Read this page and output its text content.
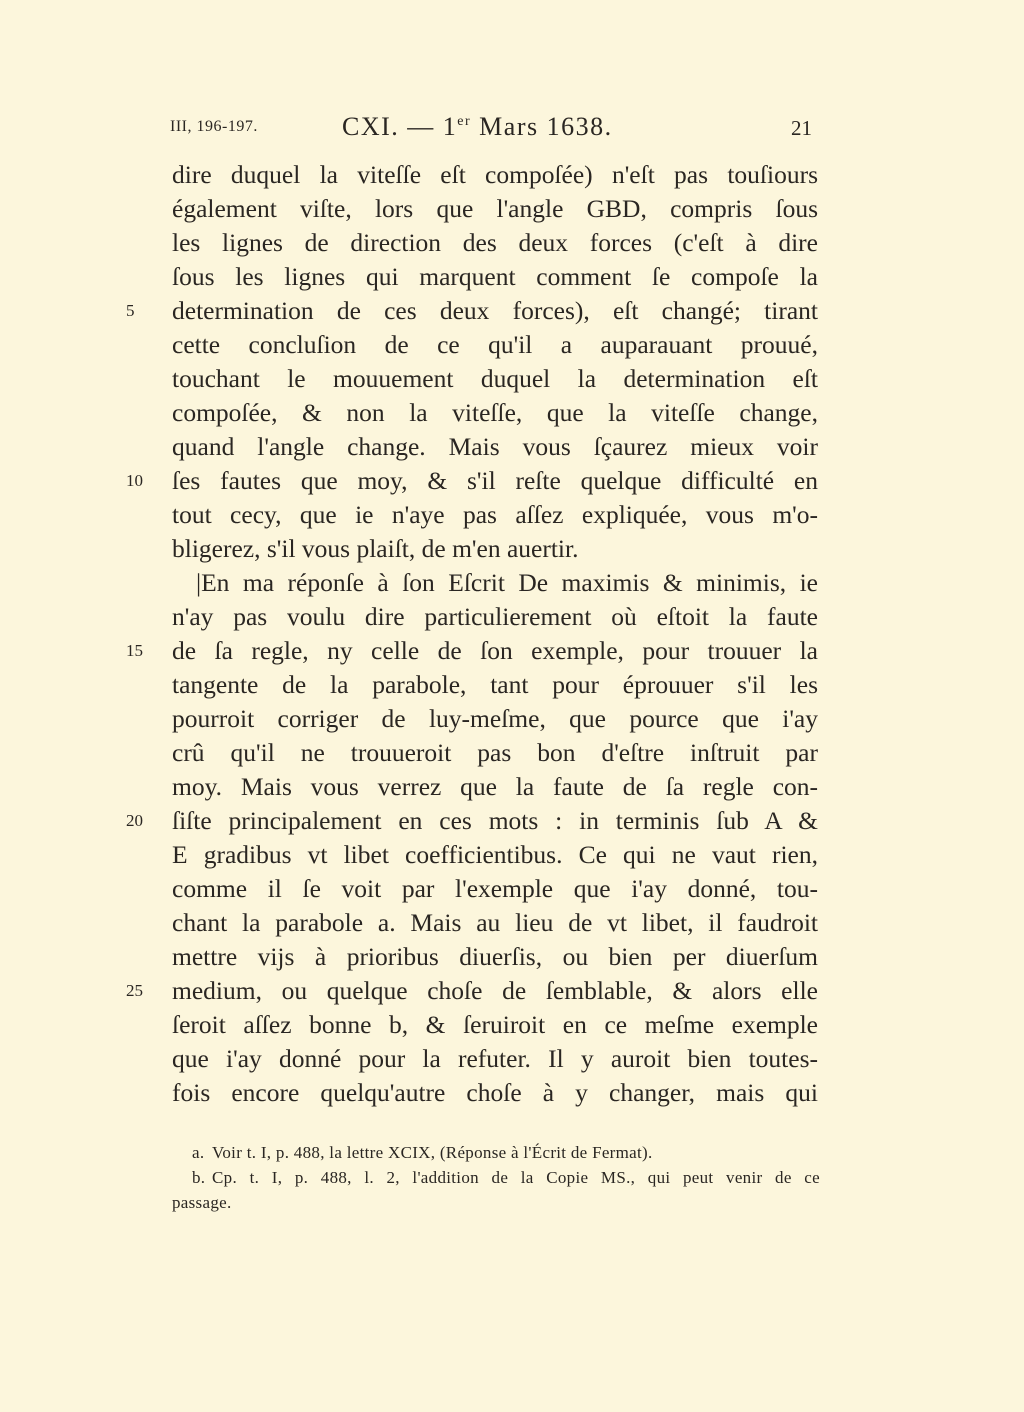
III, 196-197.	CXI. — 1er Mars 1638.	21
dire duquel la viteſſe eſt compoſée) n'eſt pas touſiours
également viſte, lors que l'angle GBD, compris ſous
les lignes de direction des deux forces (c'eſt à dire
ſous les lignes qui marquent comment ſe compoſe la
5	determination de ces deux forces), eſt changé; tirant
cette concluſion de ce qu'il a auparauant prouué,
touchant le mouuement duquel la determination eſt
compoſée, & non la viteſſe, que la viteſſe change,
quand l'angle change. Mais vous ſçaurez mieux voir
10	ſes fautes que moy, & s'il reſte quelque difficulté en
tout cecy, que ie n'aye pas aſſez expliquée, vous m'o-
bligerez, s'il vous plaiſt, de m'en auertir.
|En ma réponſe à ſon Eſcrit De maximis & minimis, ie
n'ay pas voulu dire particulierement où eſtoit la faute
15	de ſa regle, ny celle de ſon exemple, pour trouuer la
tangente de la parabole, tant pour éprouuer s'il les
pourroit corriger de luy-meſme, que pource que i'ay
crû qu'il ne trouueroit pas bon d'eſtre inſtruit par
moy. Mais vous verrez que la faute de ſa regle con-
20	ſiſte principalement en ces mots : in terminis ſub A &
E gradibus vt libet coefficientibus. Ce qui ne vaut rien,
comme il ſe voit par l'exemple que i'ay donné, tou-
chant la parabole a. Mais au lieu de vt libet, il faudroit
mettre vijs à prioribus diuerſis, ou bien per diuerſum
25	medium, ou quelque choſe de ſemblable, & alors elle
ſeroit aſſez bonne b, & ſeruiroit en ce meſme exemple
que i'ay donné pour la refuter. Il y auroit bien toutes-
fois encore quelqu'autre choſe à y changer, mais qui
a. Voir t. I, p. 488, la lettre XCIX, (Réponse à l'Écrit de Fermat).
b. Cp. t. I, p. 488, l. 2, l'addition de la Copie MS., qui peut venir de ce
passage.
